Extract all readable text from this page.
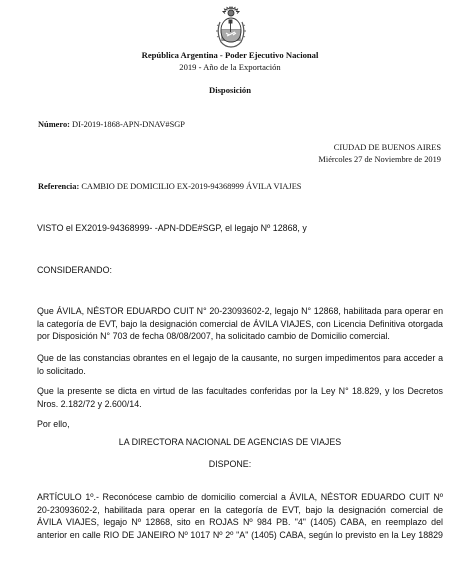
República Argentina - Poder Ejecutivo Nacional
2019 - Año de la Exportación
Disposición
Número: DI-2019-1868-APN-DNAV#SGP
CIUDAD DE BUENOS AIRES
Miércoles 27 de Noviembre de 2019
Referencia: CAMBIO DE DOMICILIO EX-2019-94368999 ÁVILA VIAJES
VISTO el EX2019-94368999- -APN-DDE#SGP, el legajo Nº 12868, y
CONSIDERANDO:
Que ÁVILA, NÉSTOR EDUARDO CUIT N° 20-23093602-2, legajo N° 12868, habilitada para operar en
la categoría de EVT, bajo la designación comercial de ÁVILA VIAJES, con Licencia Definitiva otorgada
por Disposición N° 703 de fecha 08/08/2007, ha solicitado cambio de Domicilio comercial.
Que de las constancias obrantes en el legajo de la causante, no surgen impedimentos para acceder a
lo solicitado.
Que la presente se dicta en virtud de las facultades conferidas por la Ley N° 18.829, y los Decretos
Nros. 2.182/72 y 2.600/14.
Por ello,
LA DIRECTORA NACIONAL DE AGENCIAS DE VIAJES
DISPONE:
ARTÍCULO 1º.- Reconócese cambio de domicilio comercial a ÁVILA, NÉSTOR EDUARDO CUIT Nº
20-23093602-2, habilitada para operar en la categoría de EVT, bajo la designación comercial de
ÁVILA VIAJES, legajo Nº 12868, sito en ROJAS Nº 984 PB. "4" (1405) CABA, en reemplazo del
anterior en calle RIO DE JANEIRO Nº 1017 Nº 2º "A" (1405) CABA, según lo previsto en la Ley 18829
